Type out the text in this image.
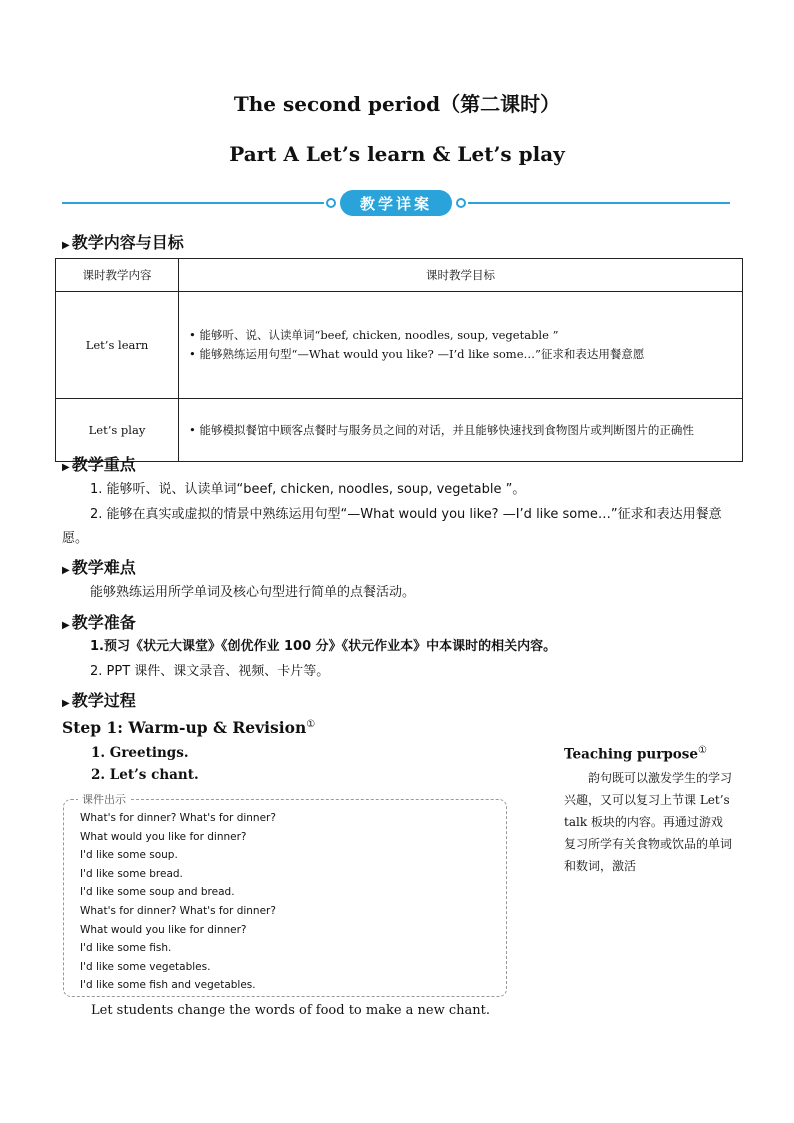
The second period（第二课时）
Part A Let’s learn & Let’s play
教学详案
▶ 教学内容与目标
课时教学内容	课时教学目标
Let’s learn	• 能够听、说、认读单词“beef, chicken, noodles, soup, vegetable ”
• 能够熟练运用句型“—What would you like? —I’d like some…”征求和表达用餐意愿

Let’s play	• 能够模拟餐馆中顾客点餐时与服务员之间的对话，并且能够快速找到食物图片或判断图片的正确性
▶ 教学重点
1. 能够听、说、认读单词“beef, chicken, noodles, soup, vegetable ”。
2. 能够在真实或虚拟的情景中熟练运用句型“—What would you like? —I’d like some…”征求和表达用餐意愿。
▶ 教学难点
能够熟练运用所学单词及核心句型进行简单的点餐活动。
▶ 教学准备
1.预习《状元大课堂》《创优作业 100 分》《状元作业本》中本课时的相关内容。
2. PPT 课件、课文录音、视频、卡片等。
▶ 教学过程
Step 1: Warm-up & Revision①
1. Greetings.
2. Let’s chant.
课件出示
What's for dinner? What's for dinner?
What would you like for dinner?
I'd like some soup.
I'd like some bread.
I'd like some soup and bread.
What's for dinner? What's for dinner?
What would you like for dinner?
I'd like some fish.
I'd like some vegetables.
I'd like some fish and vegetables.
Let students change the words of food to make a new chant.
Teaching purpose①
韵句既可以激发学生的学习兴趣，又可以复习上节课 Let’s talk 板块的内容。再通过游戏复习所学有关食物或饮品的单词和数词，激活
